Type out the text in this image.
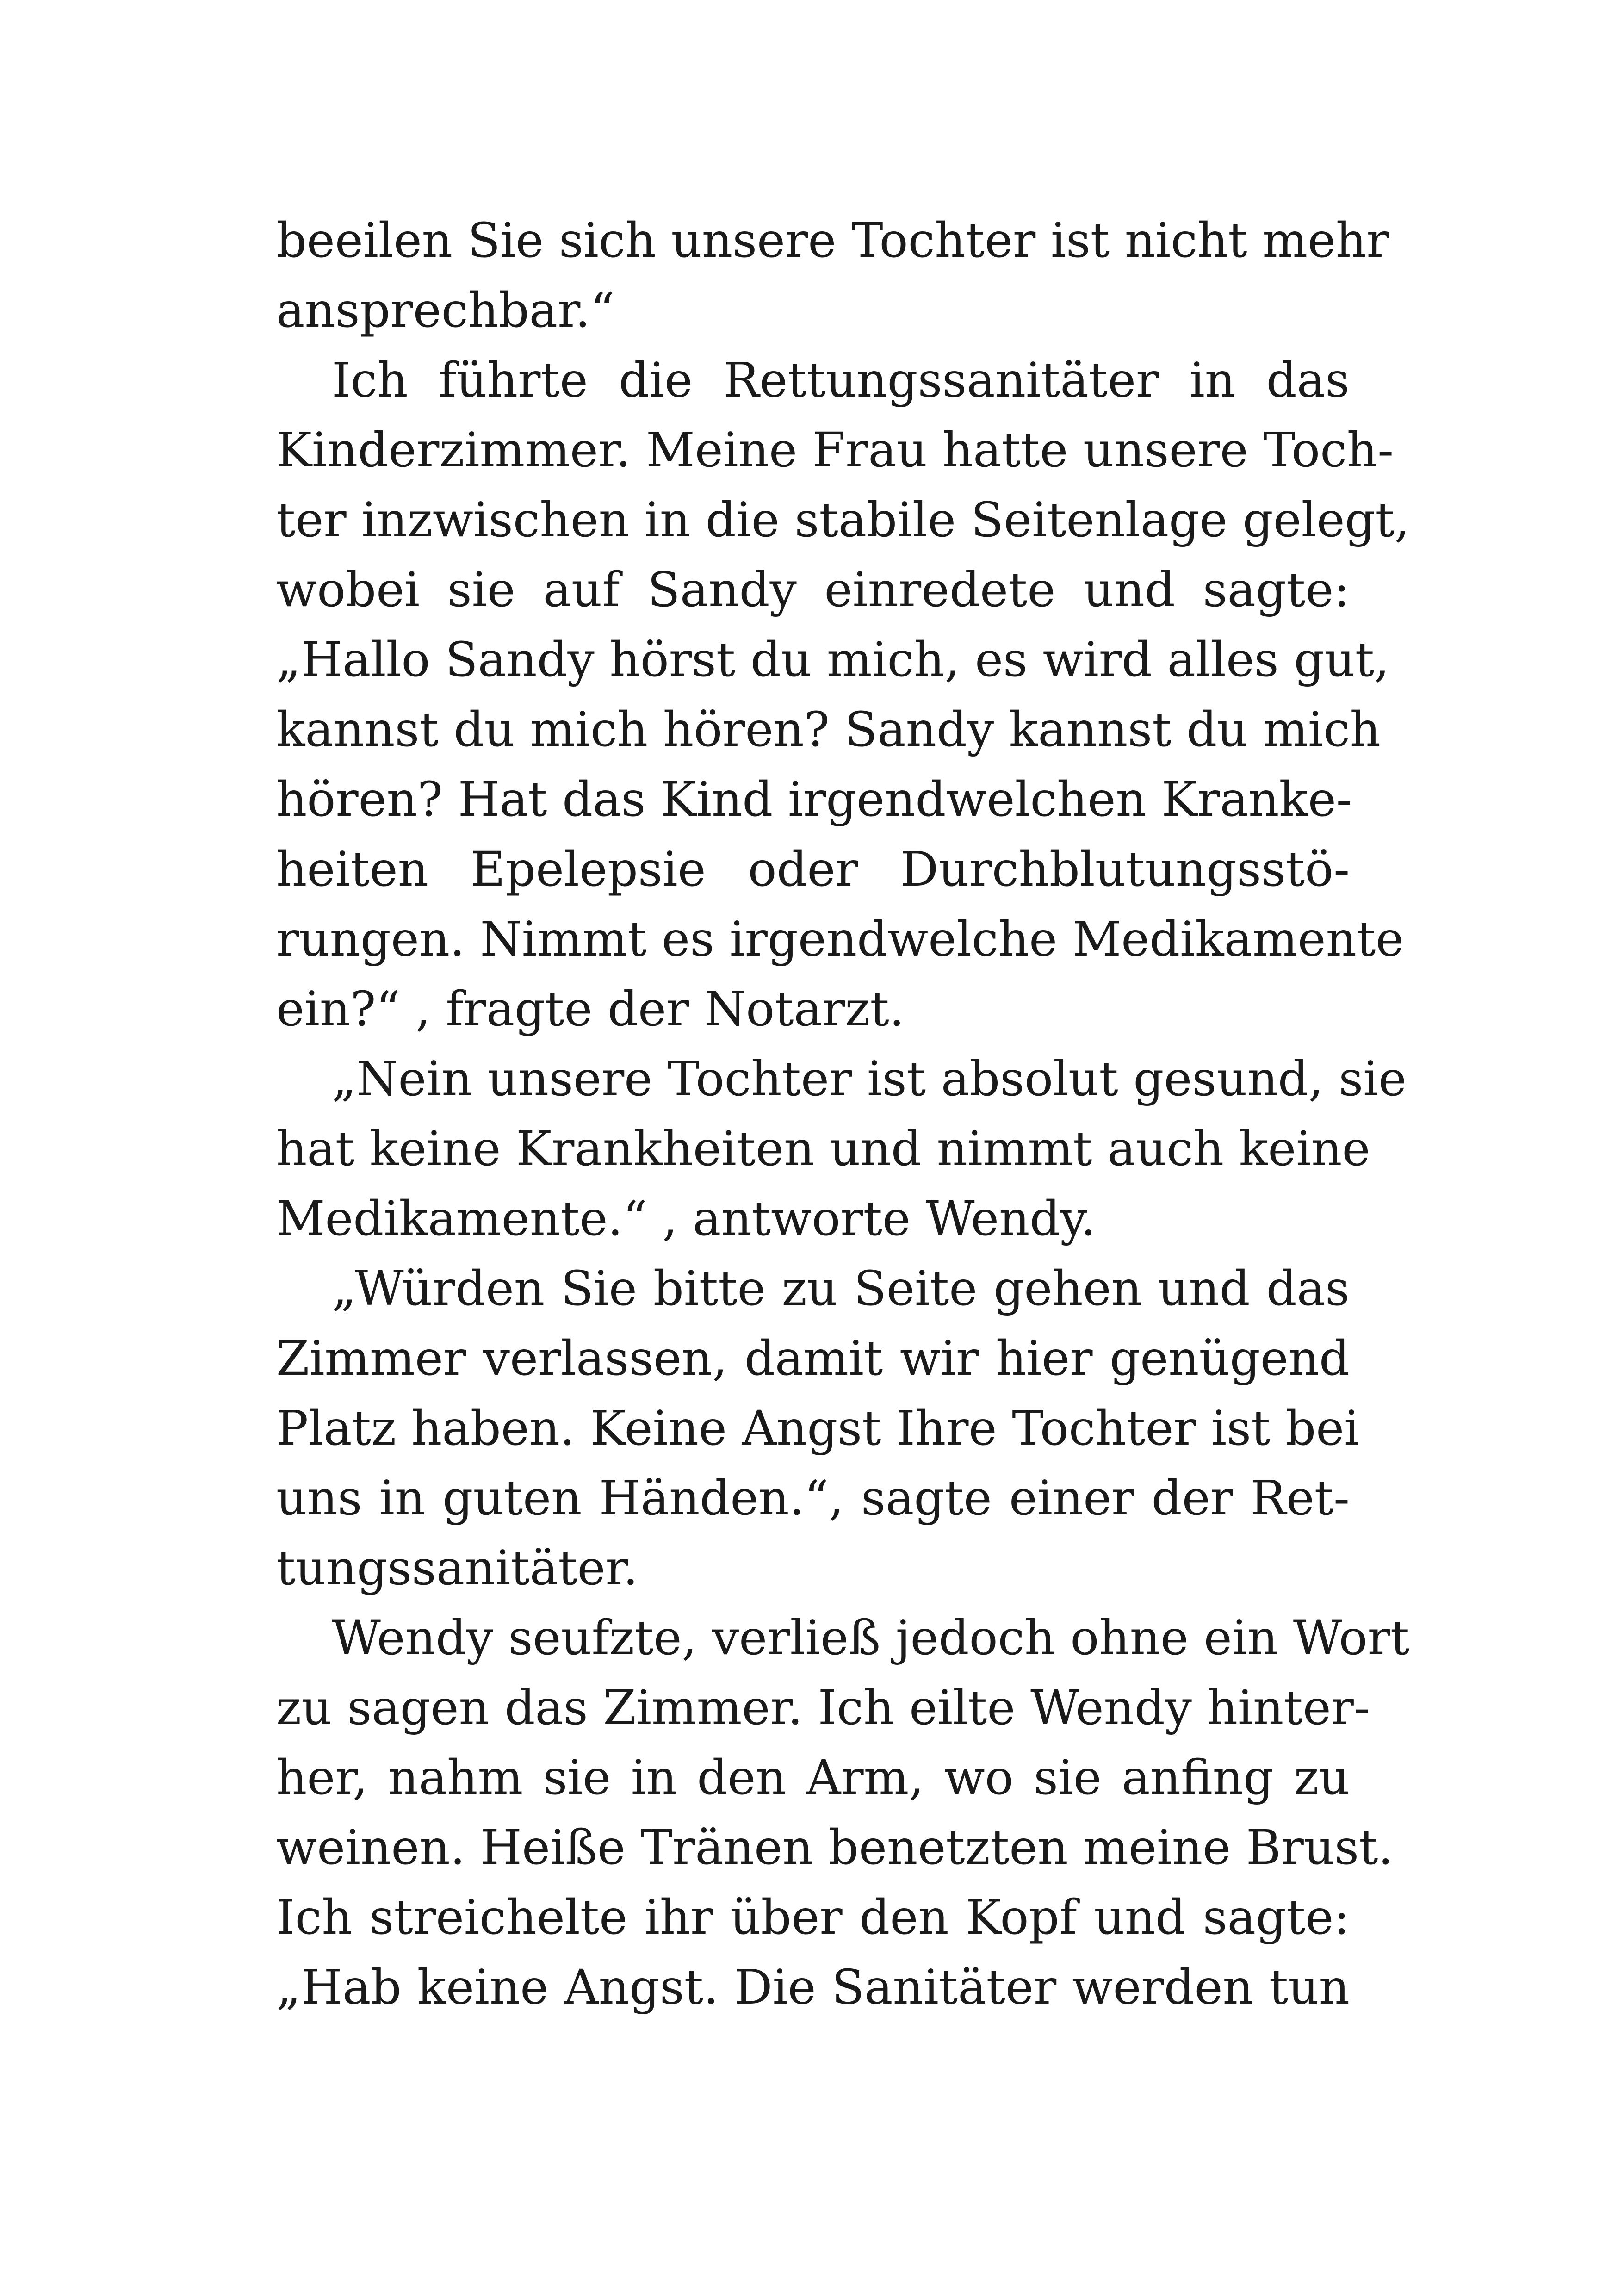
beeilen Sie sich unsere Tochter ist nicht mehr
ansprechbar.“
Ich führte die Rettungssanitäter in das
Kinderzimmer. Meine Frau hatte unsere Toch-
ter inzwischen in die stabile Seitenlage gelegt,
wobei sie auf Sandy einredete und sagte:
„Hallo Sandy hörst du mich, es wird alles gut,
kannst du mich hören? Sandy kannst du mich
hören? Hat das Kind irgendwelchen Kranke-
heiten Epelepsie oder Durchblutungsstö-
rungen. Nimmt es irgendwelche Medikamente
ein?“ , fragte der Notarzt.
„Nein unsere Tochter ist absolut gesund, sie
hat keine Krankheiten und nimmt auch keine
Medikamente.“ , antworte Wendy.
„Würden Sie bitte zu Seite gehen und das
Zimmer verlassen, damit wir hier genügend
Platz haben. Keine Angst Ihre Tochter ist bei
uns in guten Händen.“, sagte einer der Ret-
tungssanitäter.
Wendy seufzte, verließ jedoch ohne ein Wort
zu sagen das Zimmer. Ich eilte Wendy hinter-
her, nahm sie in den Arm, wo sie anfing zu
weinen. Heiße Tränen benetzten meine Brust.
Ich streichelte ihr über den Kopf und sagte:
„Hab keine Angst. Die Sanitäter werden tun
